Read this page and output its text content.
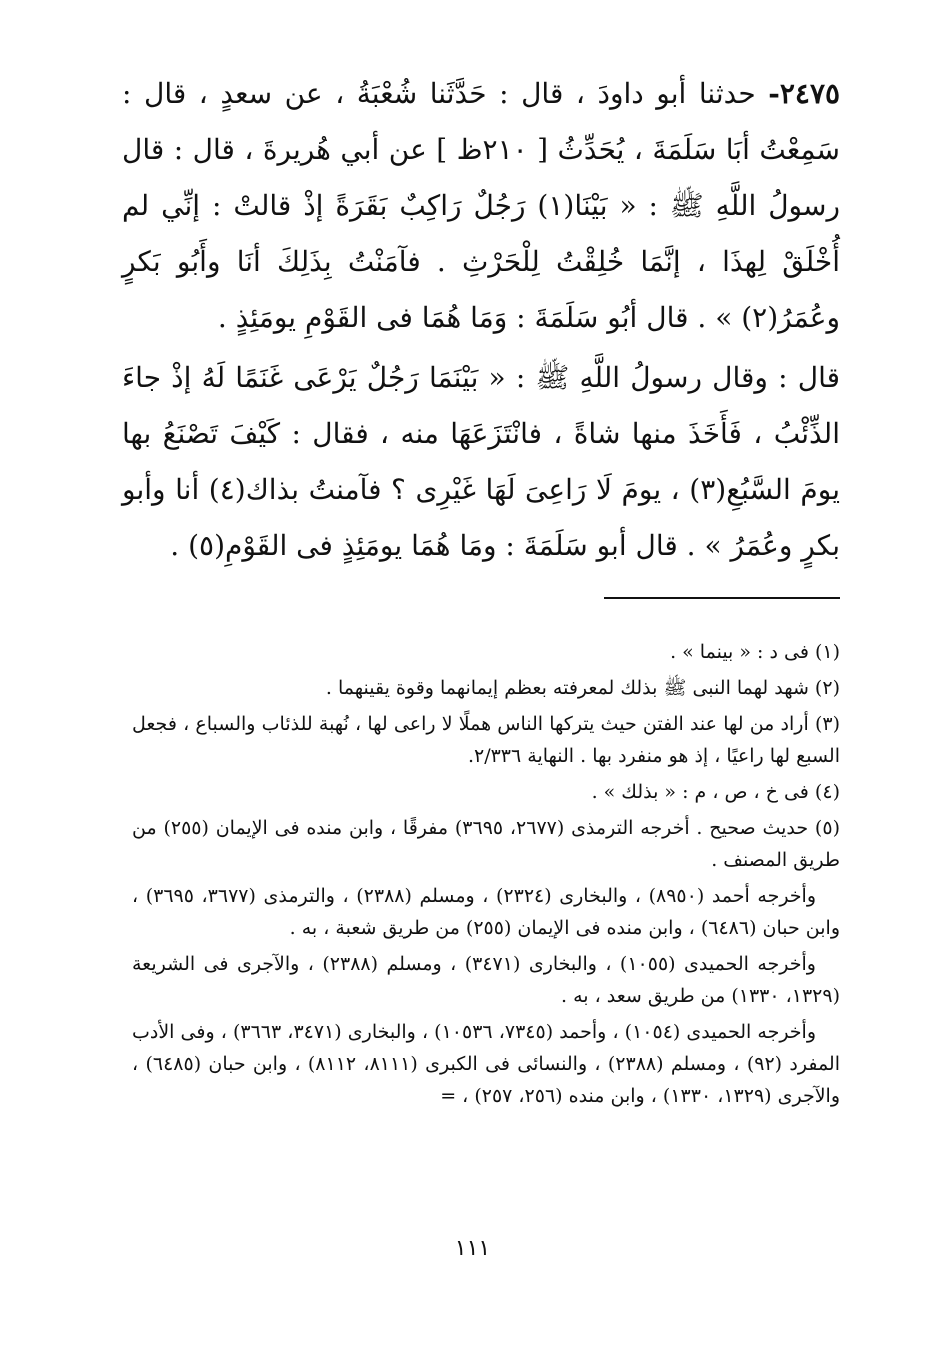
٢٤٧٥- حدثنا أبو داودَ ، قال : حَدَّثَنا شُعْبَةُ ، عن سعدٍ ، قال : سَمِعْتُ أبَا سَلَمَةَ ، يُحَدِّثُ [ ٢١٠ظ ] عن أبي هُريرةَ ، قال : قال رسولُ اللَّهِ ﷺ : « بَيْنَا(١) رَجُلٌ رَاكِبٌ بَقَرَةً إذْ قالتْ : إنِّي لم أُخْلَقْ لِهذَا ، إنَّمَا خُلِقْتُ لِلْحَرْثِ . فآمَنْتُ بِذَلِكَ أنَا وأَبُو بَكرٍ وعُمَرُ(٢) » . قال أبُو سَلَمَةَ : وَمَا هُمَا فى القَوْمِ يومَئِذٍ .

قال : وقال رسولُ اللَّهِ ﷺ : « بَيْنَمَا رَجُلٌ يَرْعَى غَنَمًا لَهُ إذْ جاءَ الذِّئْبُ ، فَأَخَذَ منها شاةً ، فانْتَزَعَهَا منه ، فقال : كَيْفَ تَصْنَعُ بها يومَ السَّبُعِ(٣) ، يومَ لَا رَاعِىَ لَهَا غَيْرِى ؟ فآمنتُ بذاك(٤) أنا وأبو بكرٍ وعُمَرُ » . قال أبو سَلَمَةَ : ومَا هُمَا يومَئِذٍ فى القَوْمِ(٥) .

(١) فى د : « بينما » .

(٢) شهد لهما النبى ﷺ بذلك لمعرفته بعظم إيمانهما وقوة يقينهما .

(٣) أراد من لها عند الفتن حيث يتركها الناس هملًا لا راعى لها ، نُهبة للذئاب والسباع ، فجعل السبع لها راعيًا ، إذ هو منفرد بها . النهاية ٢/٣٣٦.

(٤) فى خ ، ص ، م : « بذلك » .

(٥) حديث صحيح . أخرجه الترمذى (٢٦٧٧، ٣٦٩٥) مفرقًا ، وابن منده فى الإيمان (٢٥٥) من طريق المصنف .

وأخرجه أحمد (٨٩٥٠) ، والبخارى (٢٣٢٤) ، ومسلم (٢٣٨٨) ، والترمذى (٣٦٧٧، ٣٦٩٥) ، وابن حبان (٦٤٨٦) ، وابن منده فى الإيمان (٢٥٥) من طريق شعبة ، به .

وأخرجه الحميدى (١٠٥٥) ، والبخارى (٣٤٧١) ، ومسلم (٢٣٨٨) ، والآجرى فى الشريعة (١٣٢٩، ١٣٣٠) من طريق سعد ، به .

وأخرجه الحميدى (١٠٥٤) ، وأحمد (٧٣٤٥، ١٠٥٣٦) ، والبخارى (٣٤٧١، ٣٦٦٣) ، وفى الأدب المفرد (٩٢) ، ومسلم (٢٣٨٨) ، والنسائى فى الكبرى (٨١١١، ٨١١٢) ، وابن حبان (٦٤٨٥) ، والآجرى (١٣٢٩، ١٣٣٠) ، وابن منده (٢٥٦، ٢٥٧) ، =

١١١
